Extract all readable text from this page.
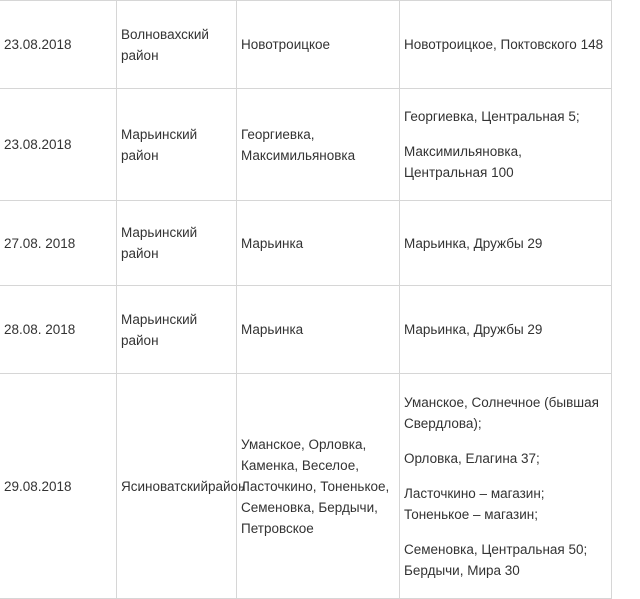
23.08.2018	Волновахский район	Новотроицкое	Новотроицкое, Поктовского 148

23.08.2018	Марьинский район	Георгиевка, Максимильяновка	Георгиевка, Центральная 5;
Максимильяновка, Центральная 100

27.08. 2018	Марьинский район	Марьинка	Марьинка, Дружбы 29

28.08. 2018	Марьинский район	Марьинка	Марьинка, Дружбы 29

29.08.2018	Ясиноватскийрайон	Уманское, Орловка, Каменка, Веселое, Ласточкино, Тоненькое, Семеновка, Бердычи, Петровское	Уманское, Солнечное (бывшая Свердлова);
Орловка, Елагина 37;
Ласточкино – магазин; Тоненькое – магазин;
Семеновка, Центральная 50; Бердычи, Мира 30
